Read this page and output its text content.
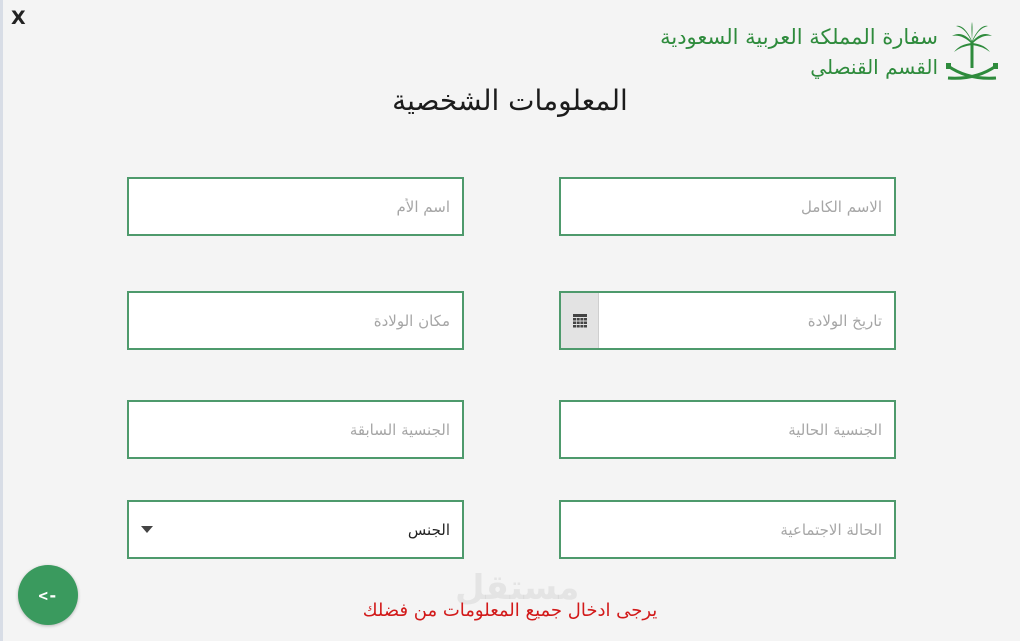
X
سفارة المملكة العربية السعودية
القسم القنصلي
المعلومات الشخصية
الاسم الكامل
اسم الأم
تاريخ الولادة
مكان الولادة
الجنسية الحالية
الجنسية السابقة
الحالة الاجتماعية
الجنس
مستقل
<-
يرجى ادخال جميع المعلومات من فضلك
